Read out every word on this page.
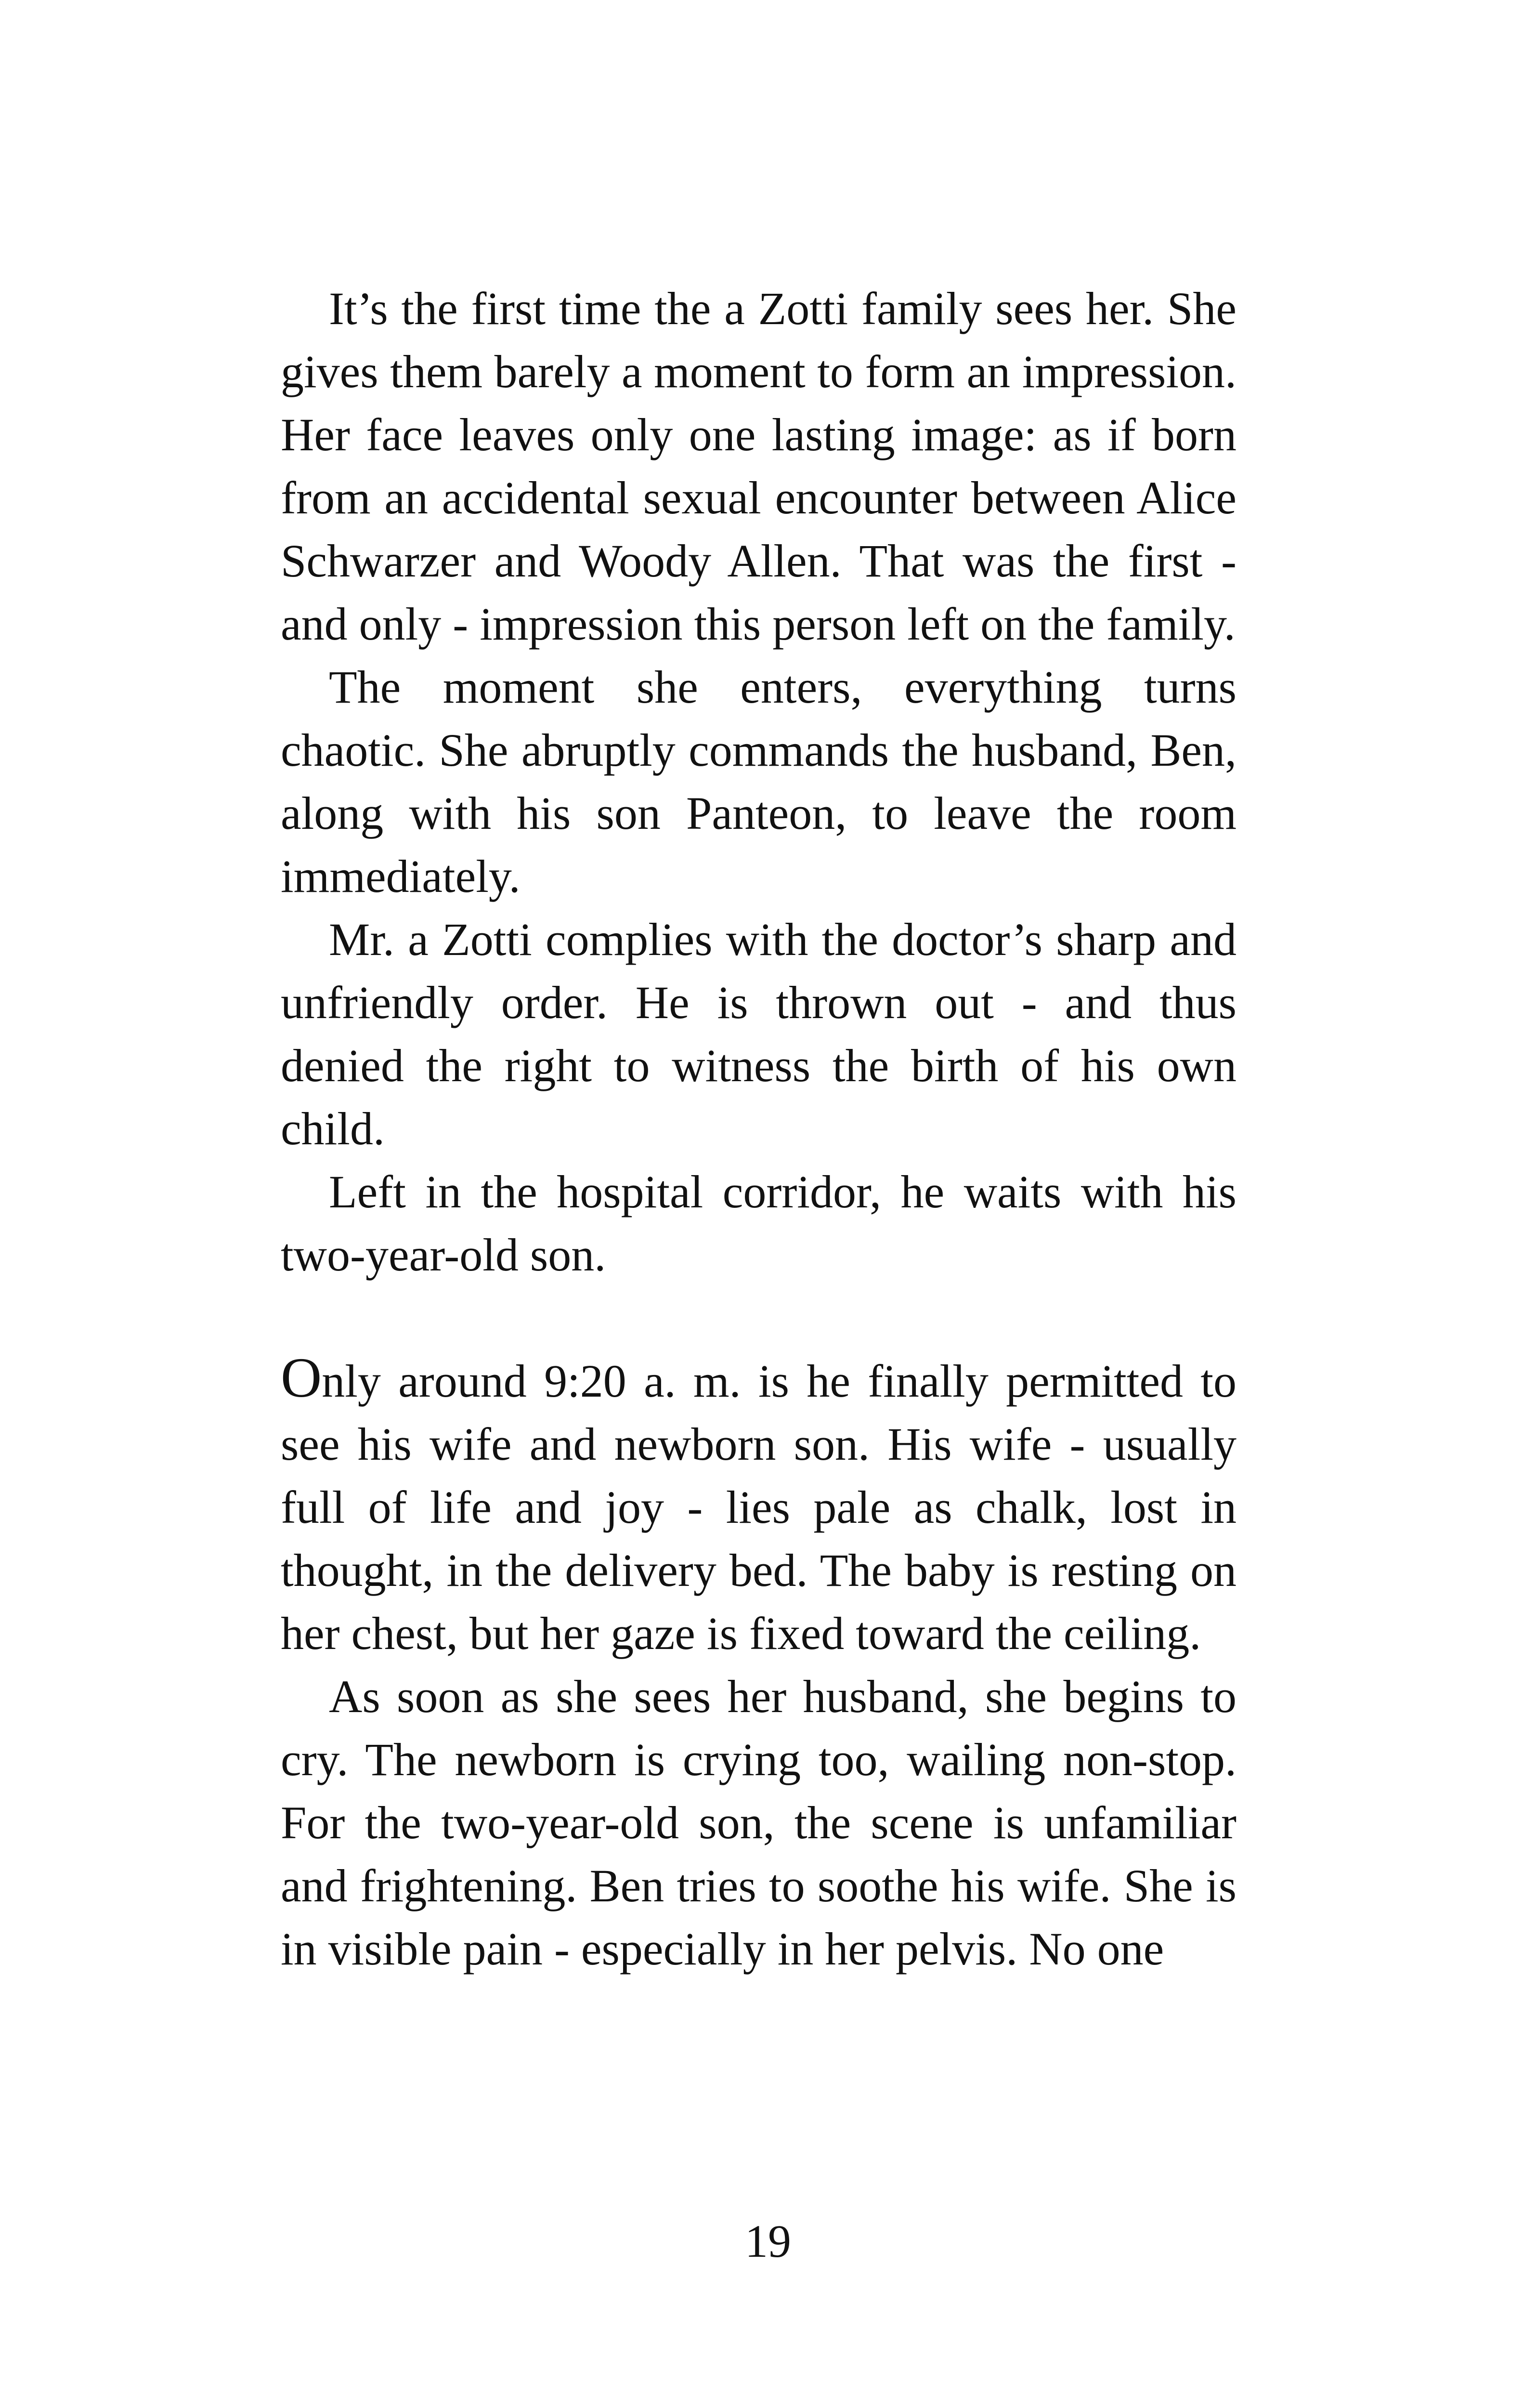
It’s the first time the a Zotti family sees her. She gives them barely a moment to form an impression. Her face leaves only one lasting image: as if born from an accidental sexual encounter between Alice Schwarzer and Woody Allen. That was the first - and only - impression this person left on the family.

The moment she enters, everything turns chaotic. She abruptly commands the husband, Ben, along with his son Panteon, to leave the room immediately.

Mr. a Zotti complies with the doctor’s sharp and unfriendly order. He is thrown out - and thus denied the right to witness the birth of his own child.

Left in the hospital corridor, he waits with his two-year-old son.

Only around 9:20 a. m. is he finally permitted to see his wife and newborn son. His wife - usually full of life and joy - lies pale as chalk, lost in thought, in the delivery bed. The baby is resting on her chest, but her gaze is fixed toward the ceiling.

As soon as she sees her husband, she begins to cry. The newborn is crying too, wailing non-stop. For the two-year-old son, the scene is unfamiliar and frightening. Ben tries to soothe his wife. She is in visible pain - especially in her pelvis. No one

19
